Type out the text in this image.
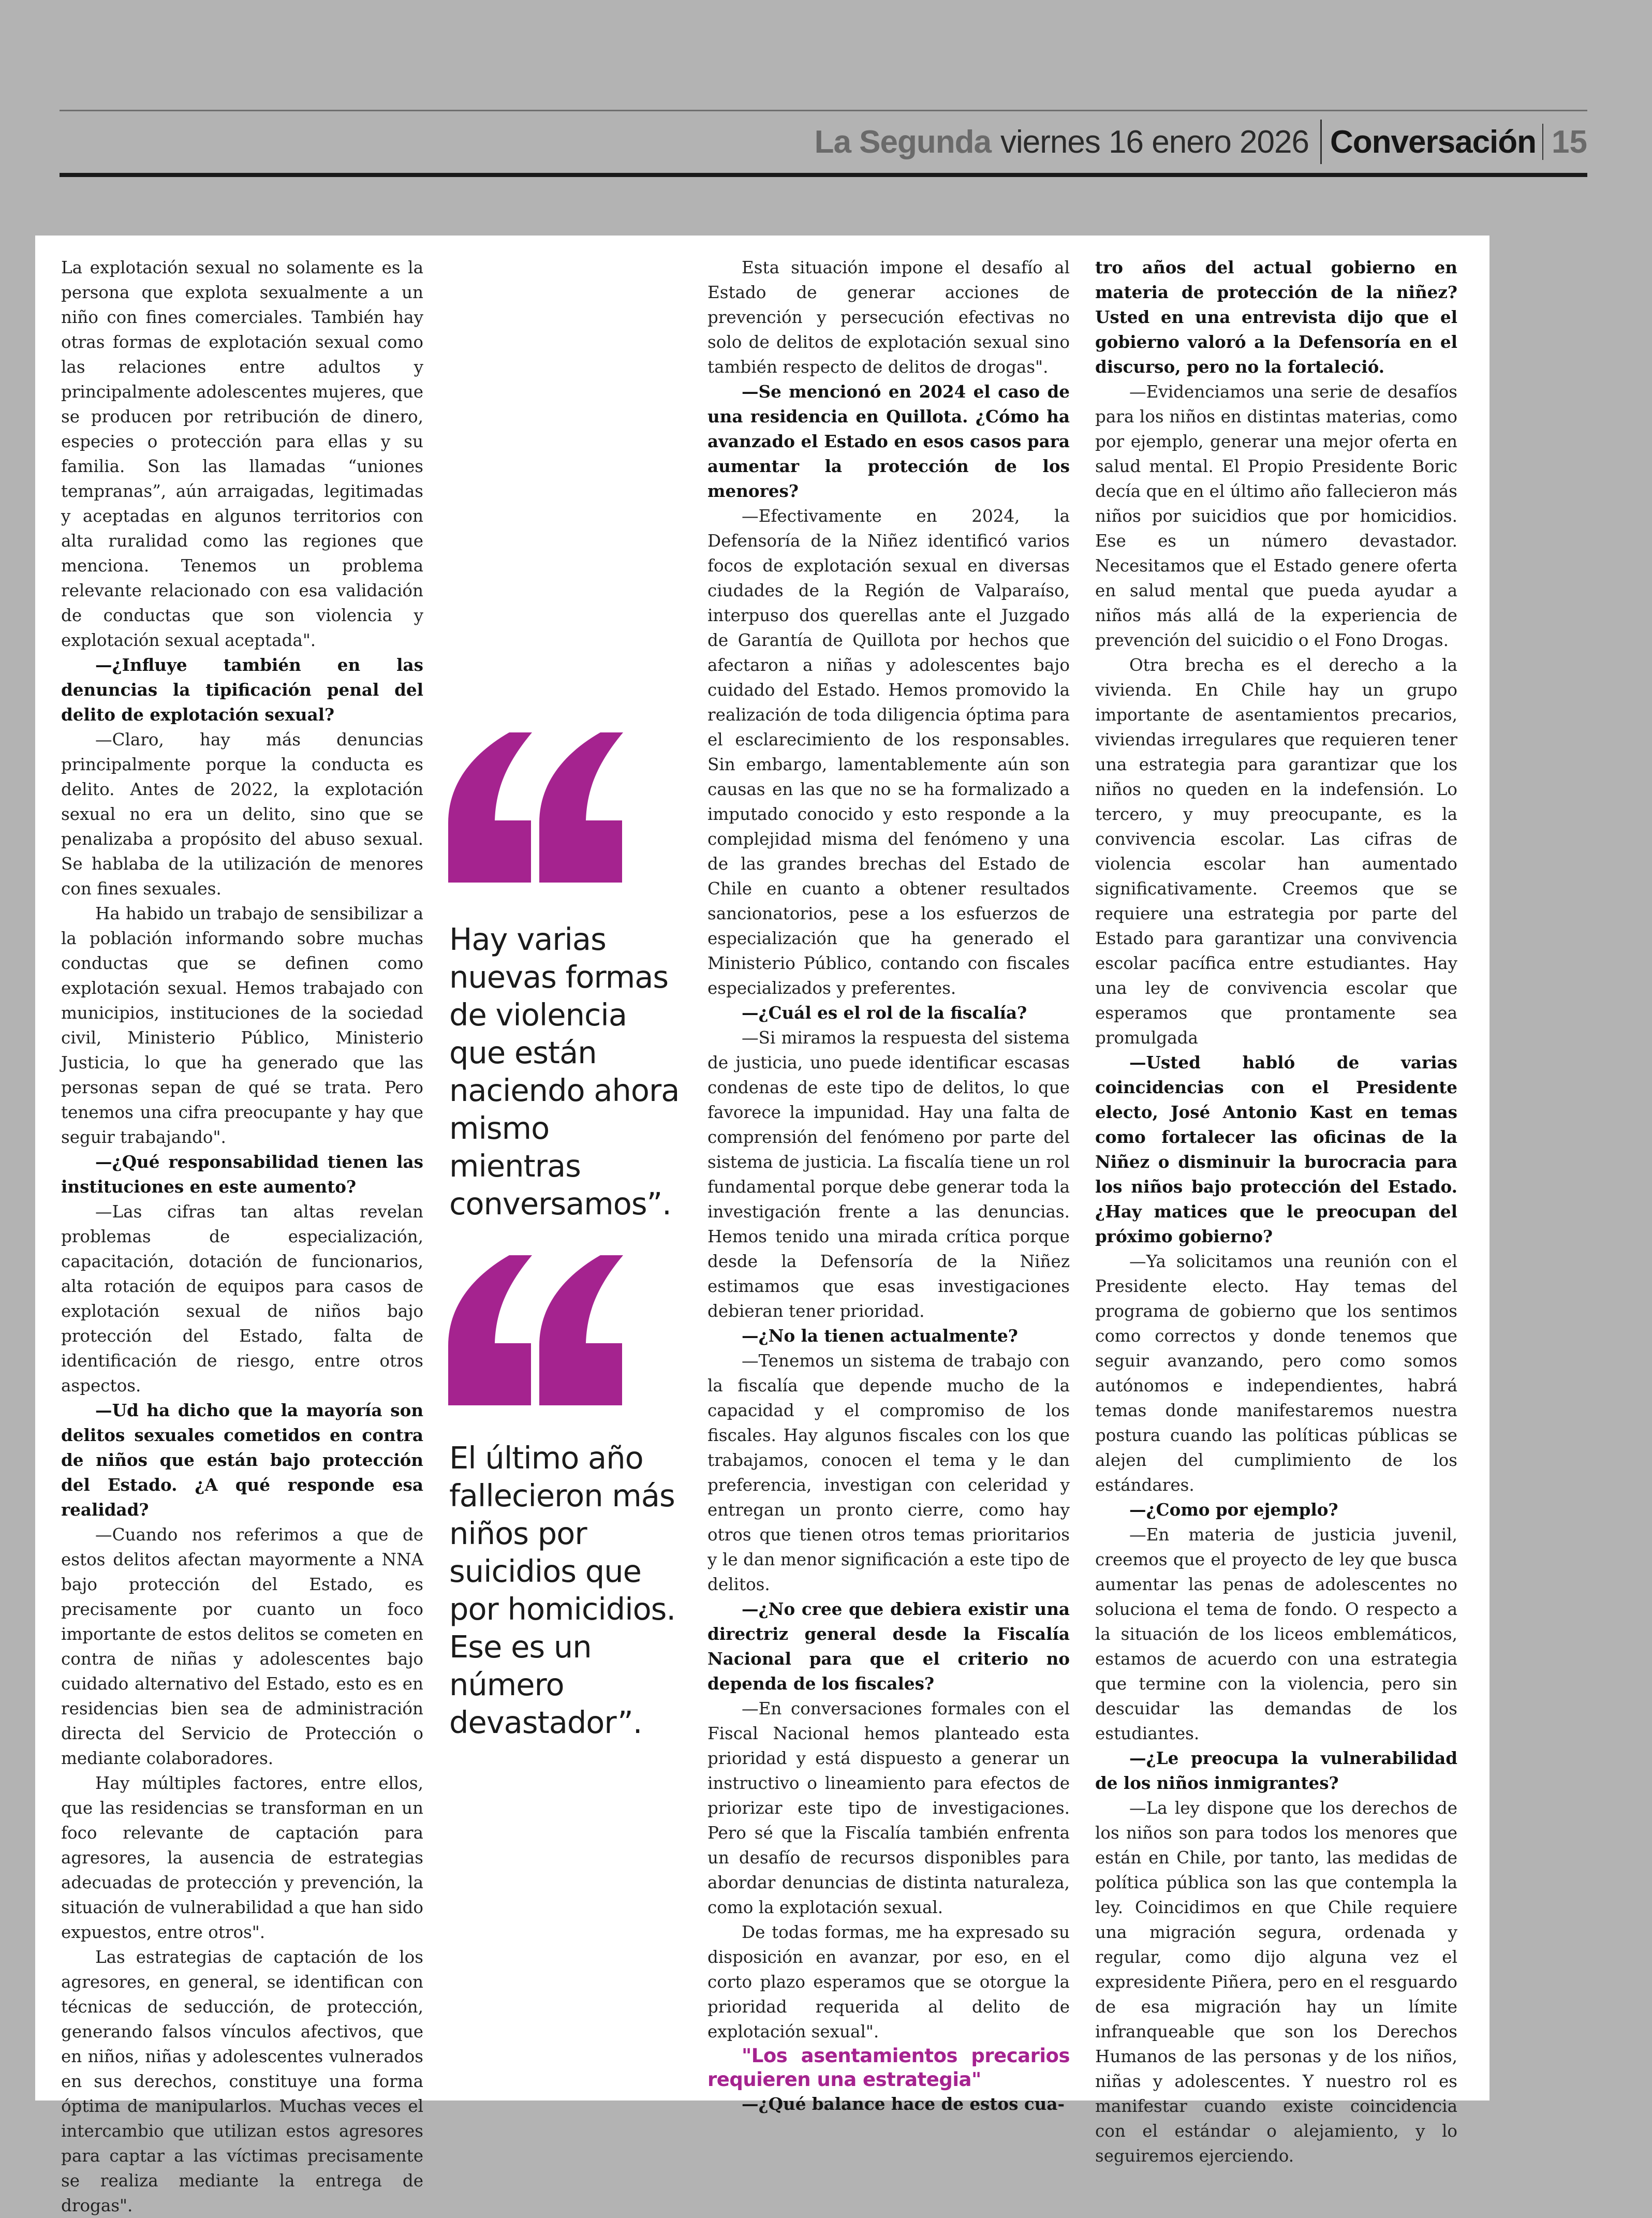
La Segunda viernes 16 enero 2026 Conversación 15

La explotación sexual no solamente es la persona que explota sexualmente a un niño con fines comerciales. También hay otras formas de explotación sexual como las relaciones entre adultos y principalmente adolescentes mujeres, que se producen por retribución de dinero, especies o protección para ellas y su familia. Son las llamadas “uniones tempranas”, aún arraigadas, legitimadas y aceptadas en algunos territorios con alta ruralidad como las regiones que menciona. Tenemos un problema relevante relacionado con esa validación de conductas que son violencia y explotación sexual aceptada".

—¿Influye también en las denuncias la tipificación penal del delito de explotación sexual?

—Claro, hay más denuncias principalmente porque la conducta es delito. Antes de 2022, la explotación sexual no era un delito, sino que se penalizaba a propósito del abuso sexual. Se hablaba de la utilización de menores con fines sexuales.

Ha habido un trabajo de sensibilizar a la población informando sobre muchas conductas que se definen como explotación sexual. Hemos trabajado con municipios, instituciones de la sociedad civil, Ministerio Público, Ministerio Justicia, lo que ha generado que las personas sepan de qué se trata. Pero tenemos una cifra preocupante y hay que seguir trabajando".

—¿Qué responsabilidad tienen las instituciones en este aumento?

—Las cifras tan altas revelan problemas de especialización, capacitación, dotación de funcionarios, alta rotación de equipos para casos de explotación sexual de niños bajo protección del Estado, falta de identificación de riesgo, entre otros aspectos.

—Ud ha dicho que la mayoría son delitos sexuales cometidos en contra de niños que están bajo protección del Estado. ¿A qué responde esa realidad?

—Cuando nos referimos a que de estos delitos afectan mayormente a NNA bajo protección del Estado, es precisamente por cuanto un foco importante de estos delitos se cometen en contra de niñas y adolescentes bajo cuidado alternativo del Estado, esto es en residencias bien sea de administración directa del Servicio de Protección o mediante colaboradores.

Hay múltiples factores, entre ellos, que las residencias se transforman en un foco relevante de captación para agresores, la ausencia de estrategias adecuadas de protección y prevención, la situación de vulnerabilidad a que han sido expuestos, entre otros".

Las estrategias de captación de los agresores, en general, se identifican con técnicas de seducción, de protección, generando falsos vínculos afectivos, que en niños, niñas y adolescentes vulnerados en sus derechos, constituye una forma óptima de manipularlos. Muchas veces el intercambio que utilizan estos agresores para captar a las víctimas precisamente se realiza mediante la entrega de drogas".

Hay varias nuevas formas de violencia que están naciendo ahora mismo mientras conversamos”.
El último año fallecieron más niños por suicidios que por homicidios. Ese es un número devastador”.

Esta situación impone el desafío al Estado de generar acciones de prevención y persecución efectivas no solo de delitos de explotación sexual sino también respecto de delitos de drogas".

—Se mencionó en 2024 el caso de una residencia en Quillota. ¿Cómo ha avanzado el Estado en esos casos para aumentar la protección de los menores?

—Efectivamente en 2024, la Defensoría de la Niñez identificó varios focos de explotación sexual en diversas ciudades de la Región de Valparaíso, interpuso dos querellas ante el Juzgado de Garantía de Quillota por hechos que afectaron a niñas y adolescentes bajo cuidado del Estado. Hemos promovido la realización de toda diligencia óptima para el esclarecimiento de los responsables. Sin embargo, lamentablemente aún son causas en las que no se ha formalizado a imputado conocido y esto responde a la complejidad misma del fenómeno y una de las grandes brechas del Estado de Chile en cuanto a obtener resultados sancionatorios, pese a los esfuerzos de especialización que ha generado el Ministerio Público, contando con fiscales especializados y preferentes.

—¿Cuál es el rol de la fiscalía?

—Si miramos la respuesta del sistema de justicia, uno puede identificar escasas condenas de este tipo de delitos, lo que favorece la impunidad. Hay una falta de comprensión del fenómeno por parte del sistema de justicia. La fiscalía tiene un rol fundamental porque debe generar toda la investigación frente a las denuncias. Hemos tenido una mirada crítica porque desde la Defensoría de la Niñez estimamos que esas investigaciones debieran tener prioridad.

—¿No la tienen actualmente?

—Tenemos un sistema de trabajo con la fiscalía que depende mucho de la capacidad y el compromiso de los fiscales. Hay algunos fiscales con los que trabajamos, conocen el tema y le dan preferencia, investigan con celeridad y entregan un pronto cierre, como hay otros que tienen otros temas prioritarios y le dan menor significación a este tipo de delitos.

—¿No cree que debiera existir una directriz general desde la Fiscalía Nacional para que el criterio no dependa de los fiscales?

—En conversaciones formales con el Fiscal Nacional hemos planteado esta prioridad y está dispuesto a generar un instructivo o lineamiento para efectos de priorizar este tipo de investigaciones. Pero sé que la Fiscalía también enfrenta un desafío de recursos disponibles para abordar denuncias de distinta naturaleza, como la explotación sexual.

De todas formas, me ha expresado su disposición en avanzar, por eso, en el corto plazo esperamos que se otorgue la prioridad requerida al delito de explotación sexual".

"Los asentamientos precarios requieren una estrategia"

—¿Qué balance hace de estos cua-

tro años del actual gobierno en materia de protección de la niñez? Usted en una entrevista dijo que el gobierno valoró a la Defensoría en el discurso, pero no la fortaleció.

—Evidenciamos una serie de desafíos para los niños en distintas materias, como por ejemplo, generar una mejor oferta en salud mental. El Propio Presidente Boric decía que en el último año fallecieron más niños por suicidios que por homicidios. Ese es un número devastador. Necesitamos que el Estado genere oferta en salud mental que pueda ayudar a niños más allá de la experiencia de prevención del suicidio o el Fono Drogas.

Otra brecha es el derecho a la vivienda. En Chile hay un grupo importante de asentamientos precarios, viviendas irregulares que requieren tener una estrategia para garantizar que los niños no queden en la indefensión. Lo tercero, y muy preocupante, es la convivencia escolar. Las cifras de violencia escolar han aumentado significativamente. Creemos que se requiere una estrategia por parte del Estado para garantizar una convivencia escolar pacífica entre estudiantes. Hay una ley de convivencia escolar que esperamos que prontamente sea promulgada

—Usted habló de varias coincidencias con el Presidente electo, José Antonio Kast en temas como fortalecer las oficinas de la Niñez o disminuir la burocracia para los niños bajo protección del Estado. ¿Hay matices que le preocupan del próximo gobierno?

—Ya solicitamos una reunión con el Presidente electo. Hay temas del programa de gobierno que los sentimos como correctos y donde tenemos que seguir avanzando, pero como somos autónomos e independientes, habrá temas donde manifestaremos nuestra postura cuando las políticas públicas se alejen del cumplimiento de los estándares.

—¿Como por ejemplo?

—En materia de justicia juvenil, creemos que el proyecto de ley que busca aumentar las penas de adolescentes no soluciona el tema de fondo. O respecto a la situación de los liceos emblemáticos, estamos de acuerdo con una estrategia que termine con la violencia, pero sin descuidar las demandas de los estudiantes.

—¿Le preocupa la vulnerabilidad de los niños inmigrantes?

—La ley dispone que los derechos de los niños son para todos los menores que están en Chile, por tanto, las medidas de política pública son las que contempla la ley. Coincidimos en que Chile requiere una migración segura, ordenada y regular, como dijo alguna vez el expresidente Piñera, pero en el resguardo de esa migración hay un límite infranqueable que son los Derechos Humanos de las personas y de los niños, niñas y adolescentes. Y nuestro rol es manifestar cuando existe coincidencia con el estándar o alejamiento, y lo seguiremos ejerciendo.
